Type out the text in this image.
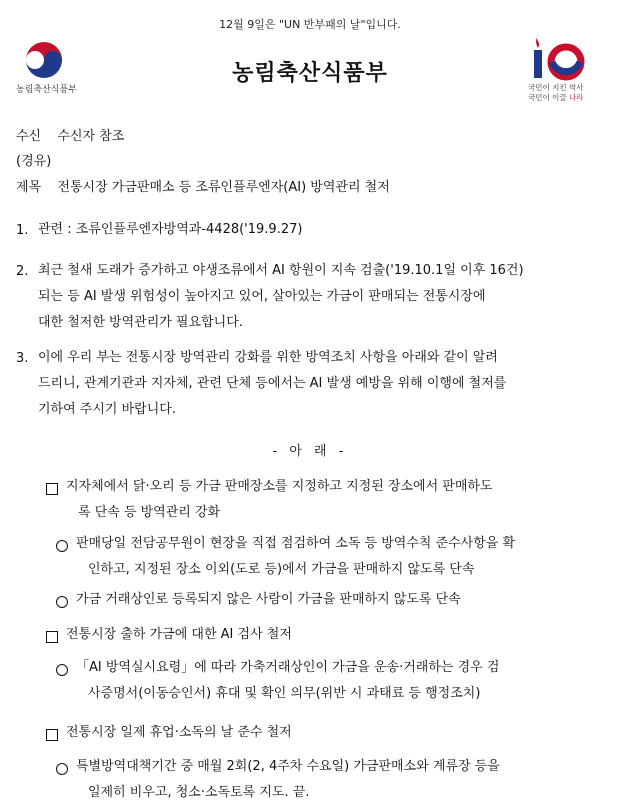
12월 9일은 "UN 반부패의 날"입니다.
농림축산식품부
농림축산식품부
국민이 지킨 역사
국민이 이끌 나라
수신 수신자 참조
(경유)
제목 전통시장 가금판매소 등 조류인플루엔자(AI) 방역관리 철저
1. 관련 : 조류인플루엔자방역과-4428('19.9.27)
2. 최근 철새 도래가 증가하고 야생조류에서 AI 항원이 지속 검출('19.10.1일 이후 16건)
되는 등 AI 발생 위험성이 높아지고 있어, 살아있는 가금이 판매되는 전통시장에
대한 철저한 방역관리가 필요합니다.
3. 이에 우리 부는 전통시장 방역관리 강화를 위한 방역조치 사항을 아래와 같이 알려
드리니, 관계기관과 지자체, 관련 단체 등에서는 AI 발생 예방을 위해 이행에 철저를
기하여 주시기 바랍니다.
- 아 래 -
지자체에서 닭·오리 등 가금 판매장소를 지정하고 지정된 장소에서 판매하도
록 단속 등 방역관리 강화
판매당일 전담공무원이 현장을 직접 점검하여 소독 등 방역수칙 준수사항을 확
인하고, 지정된 장소 이외(도로 등)에서 가금을 판매하지 않도록 단속
가금 거래상인로 등록되지 않은 사람이 가금을 판매하지 않도록 단속
전통시장 출하 가금에 대한 AI 검사 철저
「AI 방역실시요령」에 따라 가축거래상인이 가금을 운송·거래하는 경우 검
사증명서(이동승인서) 휴대 및 확인 의무(위반 시 과태료 등 행정조치)
전통시장 일제 휴업·소독의 날 준수 철저
특별방역대책기간 중 매월 2회(2, 4주차 수요일) 가금판매소와 계류장 등을
일제히 비우고, 청소·소독토록 지도. 끝.
